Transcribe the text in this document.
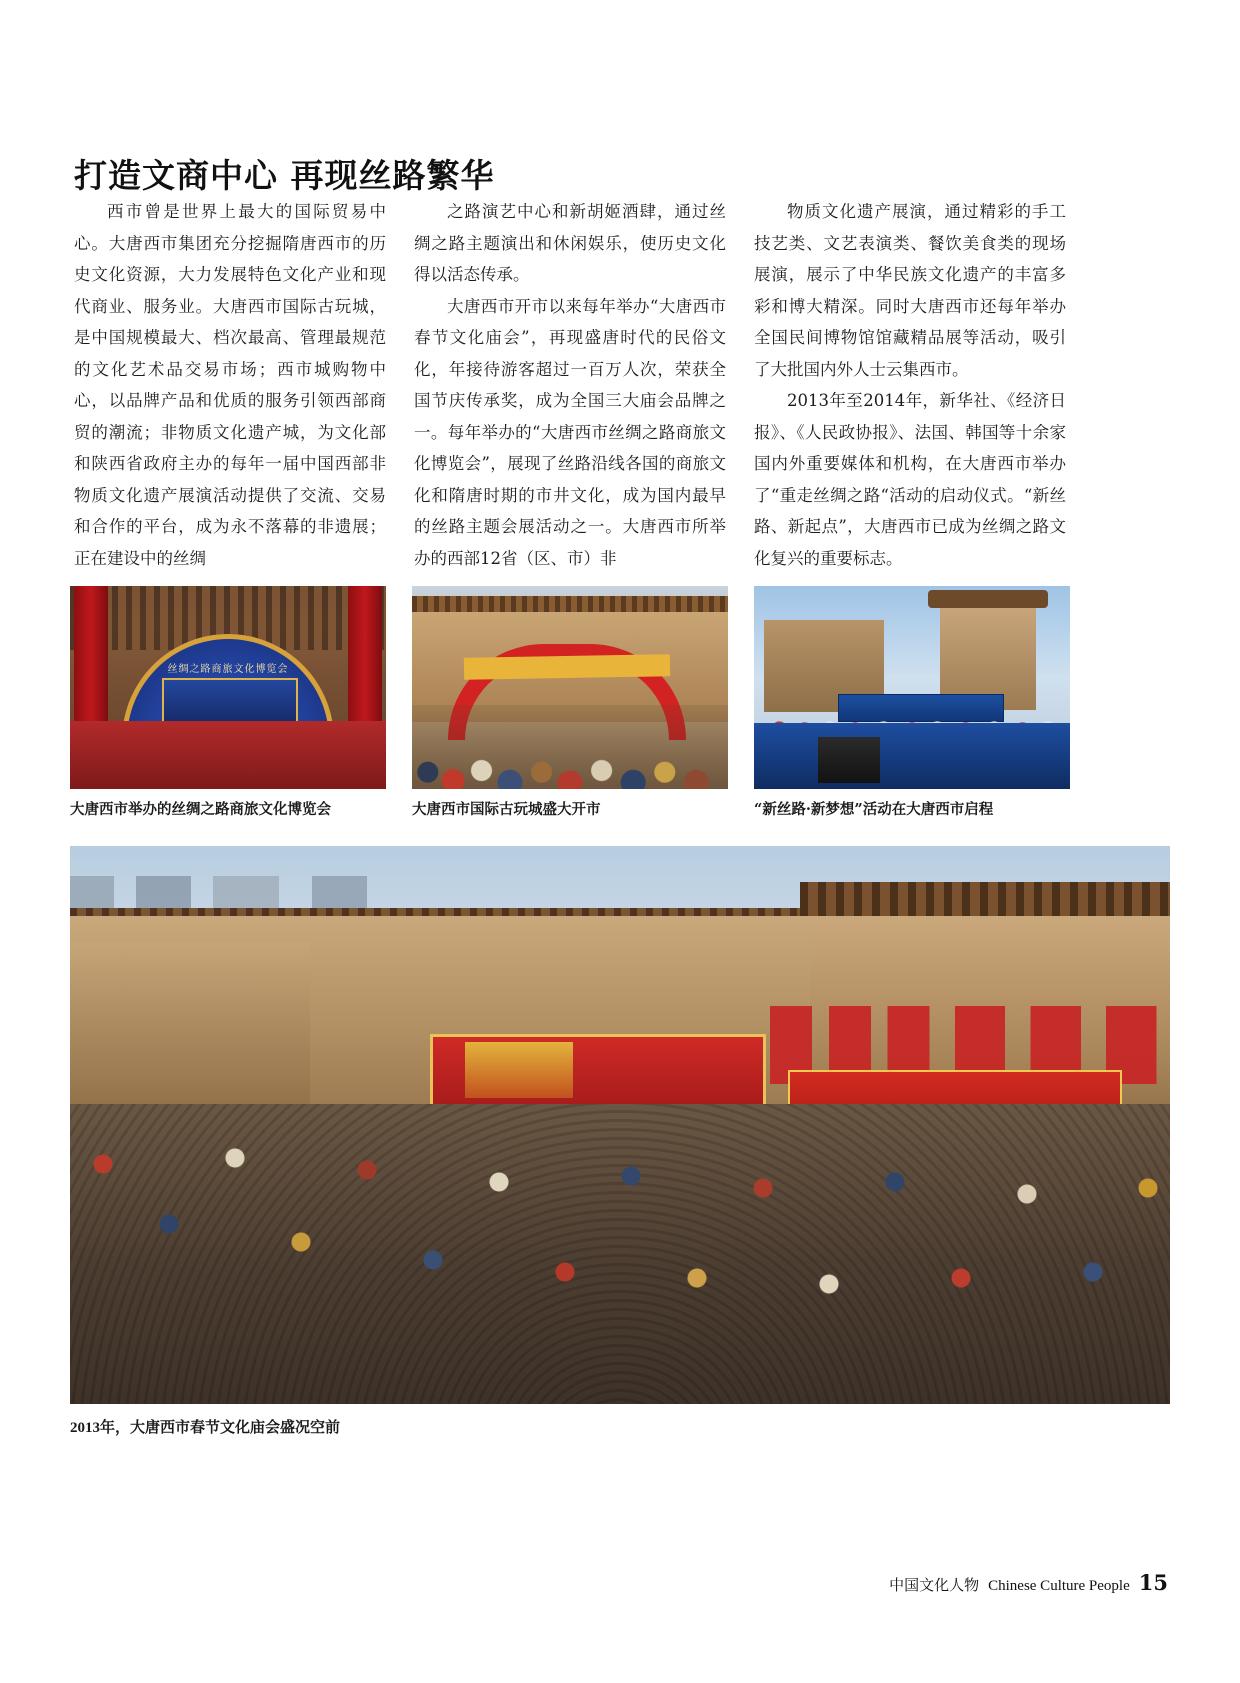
打造文商中心 再现丝路繁华

西市曾是世界上最大的国际贸易中心。大唐西市集团充分挖掘隋唐西市的历史文化资源，大力发展特色文化产业和现代商业、服务业。大唐西市国际古玩城，是中国规模最大、档次最高、管理最规范的文化艺术品交易市场；西市城购物中心，以品牌产品和优质的服务引领西部商贸的潮流；非物质文化遗产城，为文化部和陕西省政府主办的每年一届中国西部非物质文化遗产展演活动提供了交流、交易和合作的平台，成为永不落幕的非遗展；正在建设中的丝绸

之路演艺中心和新胡姬酒肆，通过丝绸之路主题演出和休闲娱乐，使历史文化得以活态传承。

大唐西市开市以来每年举办“大唐西市春节文化庙会”，再现盛唐时代的民俗文化，年接待游客超过一百万人次，荣获全国节庆传承奖，成为全国三大庙会品牌之一。每年举办的“大唐西市丝绸之路商旅文化博览会”，展现了丝路沿线各国的商旅文化和隋唐时期的市井文化，成为国内最早的丝路主题会展活动之一。大唐西市所举办的西部12省（区、市）非

物质文化遗产展演，通过精彩的手工技艺类、文艺表演类、餐饮美食类的现场展演，展示了中华民族文化遗产的丰富多彩和博大精深。同时大唐西市还每年举办全国民间博物馆馆藏精品展等活动，吸引了大批国内外人士云集西市。

2013年至2014年，新华社、《经济日报》、《人民政协报》、法国、韩国等十余家国内外重要媒体和机构，在大唐西市举办了“重走丝绸之路“活动的启动仪式。“新丝路、新起点”，大唐西市已成为丝绸之路文化复兴的重要标志。

丝绸之路商旅文化博览会
大唐西市举办的丝绸之路商旅文化博览会	大唐西市国际古玩城盛大开市	“新丝路·新梦想”活动在大唐西市启程
2013年，大唐西市春节文化庙会盛况空前
中国文化人物 Chinese Culture People 15
